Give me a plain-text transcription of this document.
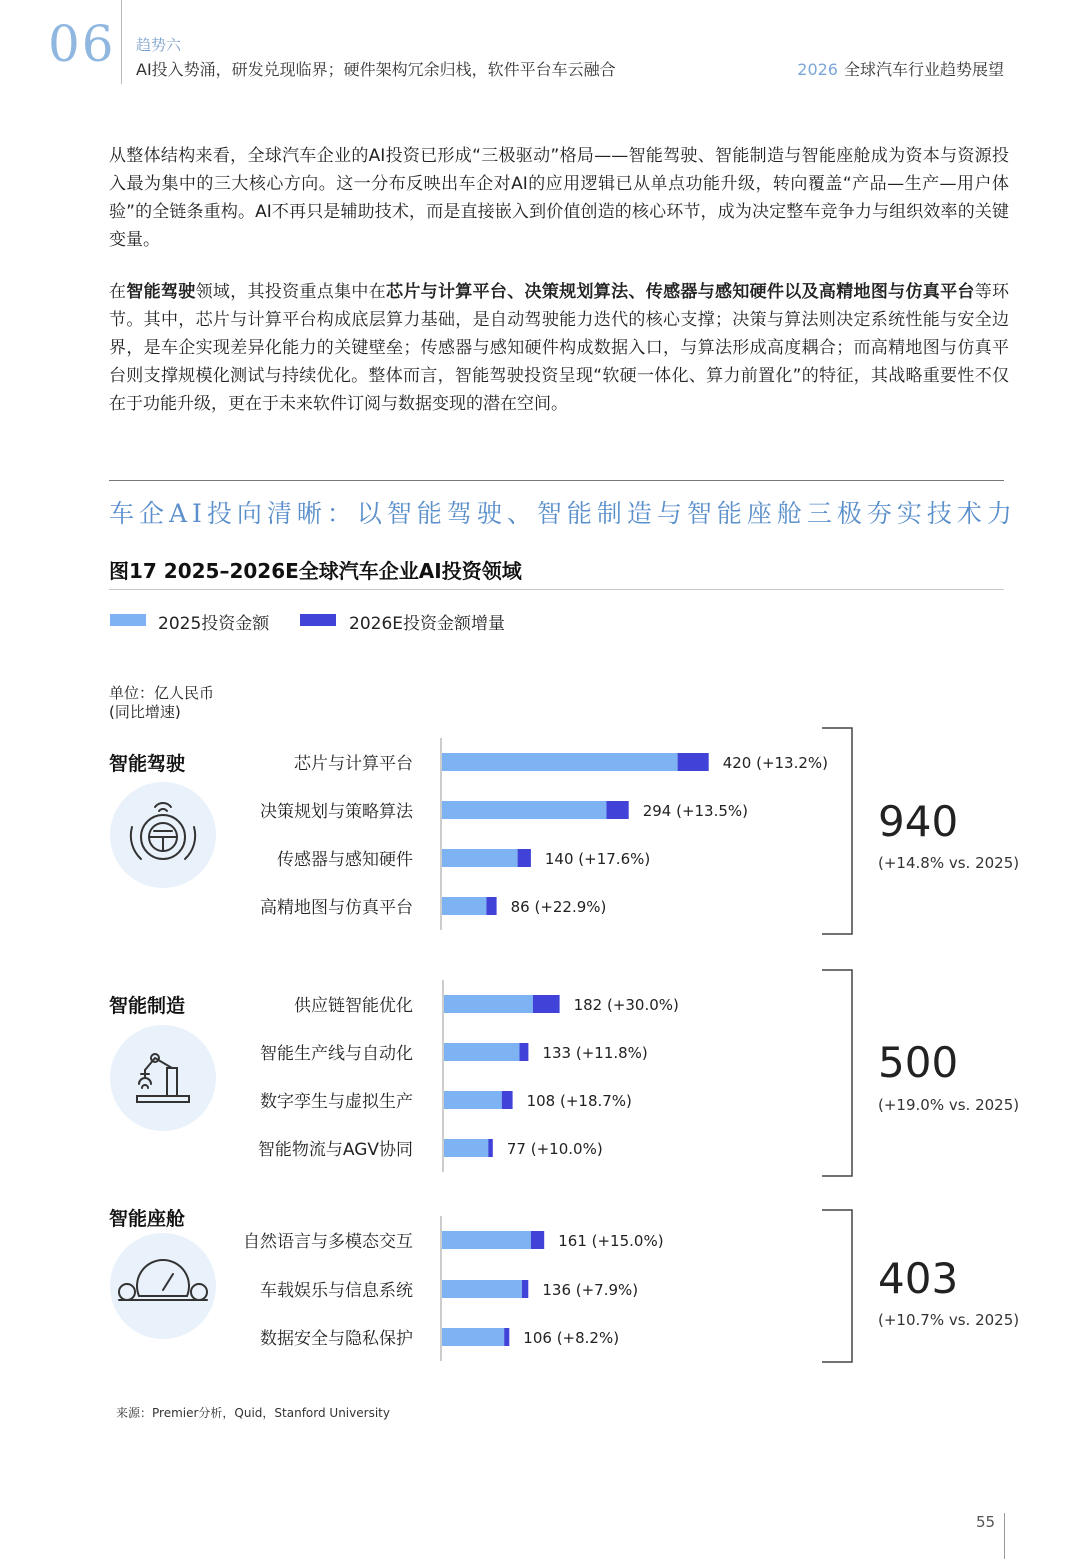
06 趋势六
AI投入势涌，研发兑现临界；硬件架构冗余归栈，软件平台车云融合	2026 全球汽车行业趋势展望

从整体结构来看，全球汽车企业的AI投资已形成“三极驱动”格局——智能驾驶、智能制造与智能座舱成为资本与资源投入最为集中的三大核心方向。这一分布反映出车企对AI的应用逻辑已从单点功能升级，转向覆盖“产品—生产—用户体验”的全链条重构。AI不再只是辅助技术，而是直接嵌入到价值创造的核心环节，成为决定整车竞争力与组织效率的关键变量。

在智能驾驶领域，其投资重点集中在芯片与计算平台、决策规划算法、传感器与感知硬件以及高精地图与仿真平台等环节。其中，芯片与计算平台构成底层算力基础，是自动驾驶能力迭代的核心支撑；决策与算法则决定系统性能与安全边界，是车企实现差异化能力的关键壁垒；传感器与感知硬件构成数据入口，与算法形成高度耦合；而高精地图与仿真平台则支撑规模化测试与持续优化。整体而言，智能驾驶投资呈现“软硬一体化、算力前置化”的特征，其战略重要性不仅在于功能升级，更在于未来软件订阅与数据变现的潜在空间。

车企AI投向清晰：以智能驾驶、智能制造与智能座舱三极夯实技术力
图17 2025–2026E全球汽车企业AI投资领域
2025投资金额	2026E投资金额增量
单位：亿人民币
(同比增速)
智能驾驶	芯片与计算平台	420 (+13.2%)
决策规划与策略算法	294 (+13.5%)
传感器与感知硬件	140 (+17.6%)
高精地图与仿真平台	86 (+22.9%)
940
(+14.8% vs. 2025)
智能制造	供应链智能优化	182 (+30.0%)
智能生产线与自动化	133 (+11.8%)
数字孪生与虚拟生产	108 (+18.7%)
智能物流与AGV协同	77 (+10.0%)
500
(+19.0% vs. 2025)
智能座舱
自然语言与多模态交互	161 (+15.0%)
车载娱乐与信息系统	136 (+7.9%)
数据安全与隐私保护	106 (+8.2%)
403
(+10.7% vs. 2025)
来源：Premier分析，Quid，Stanford University
55
